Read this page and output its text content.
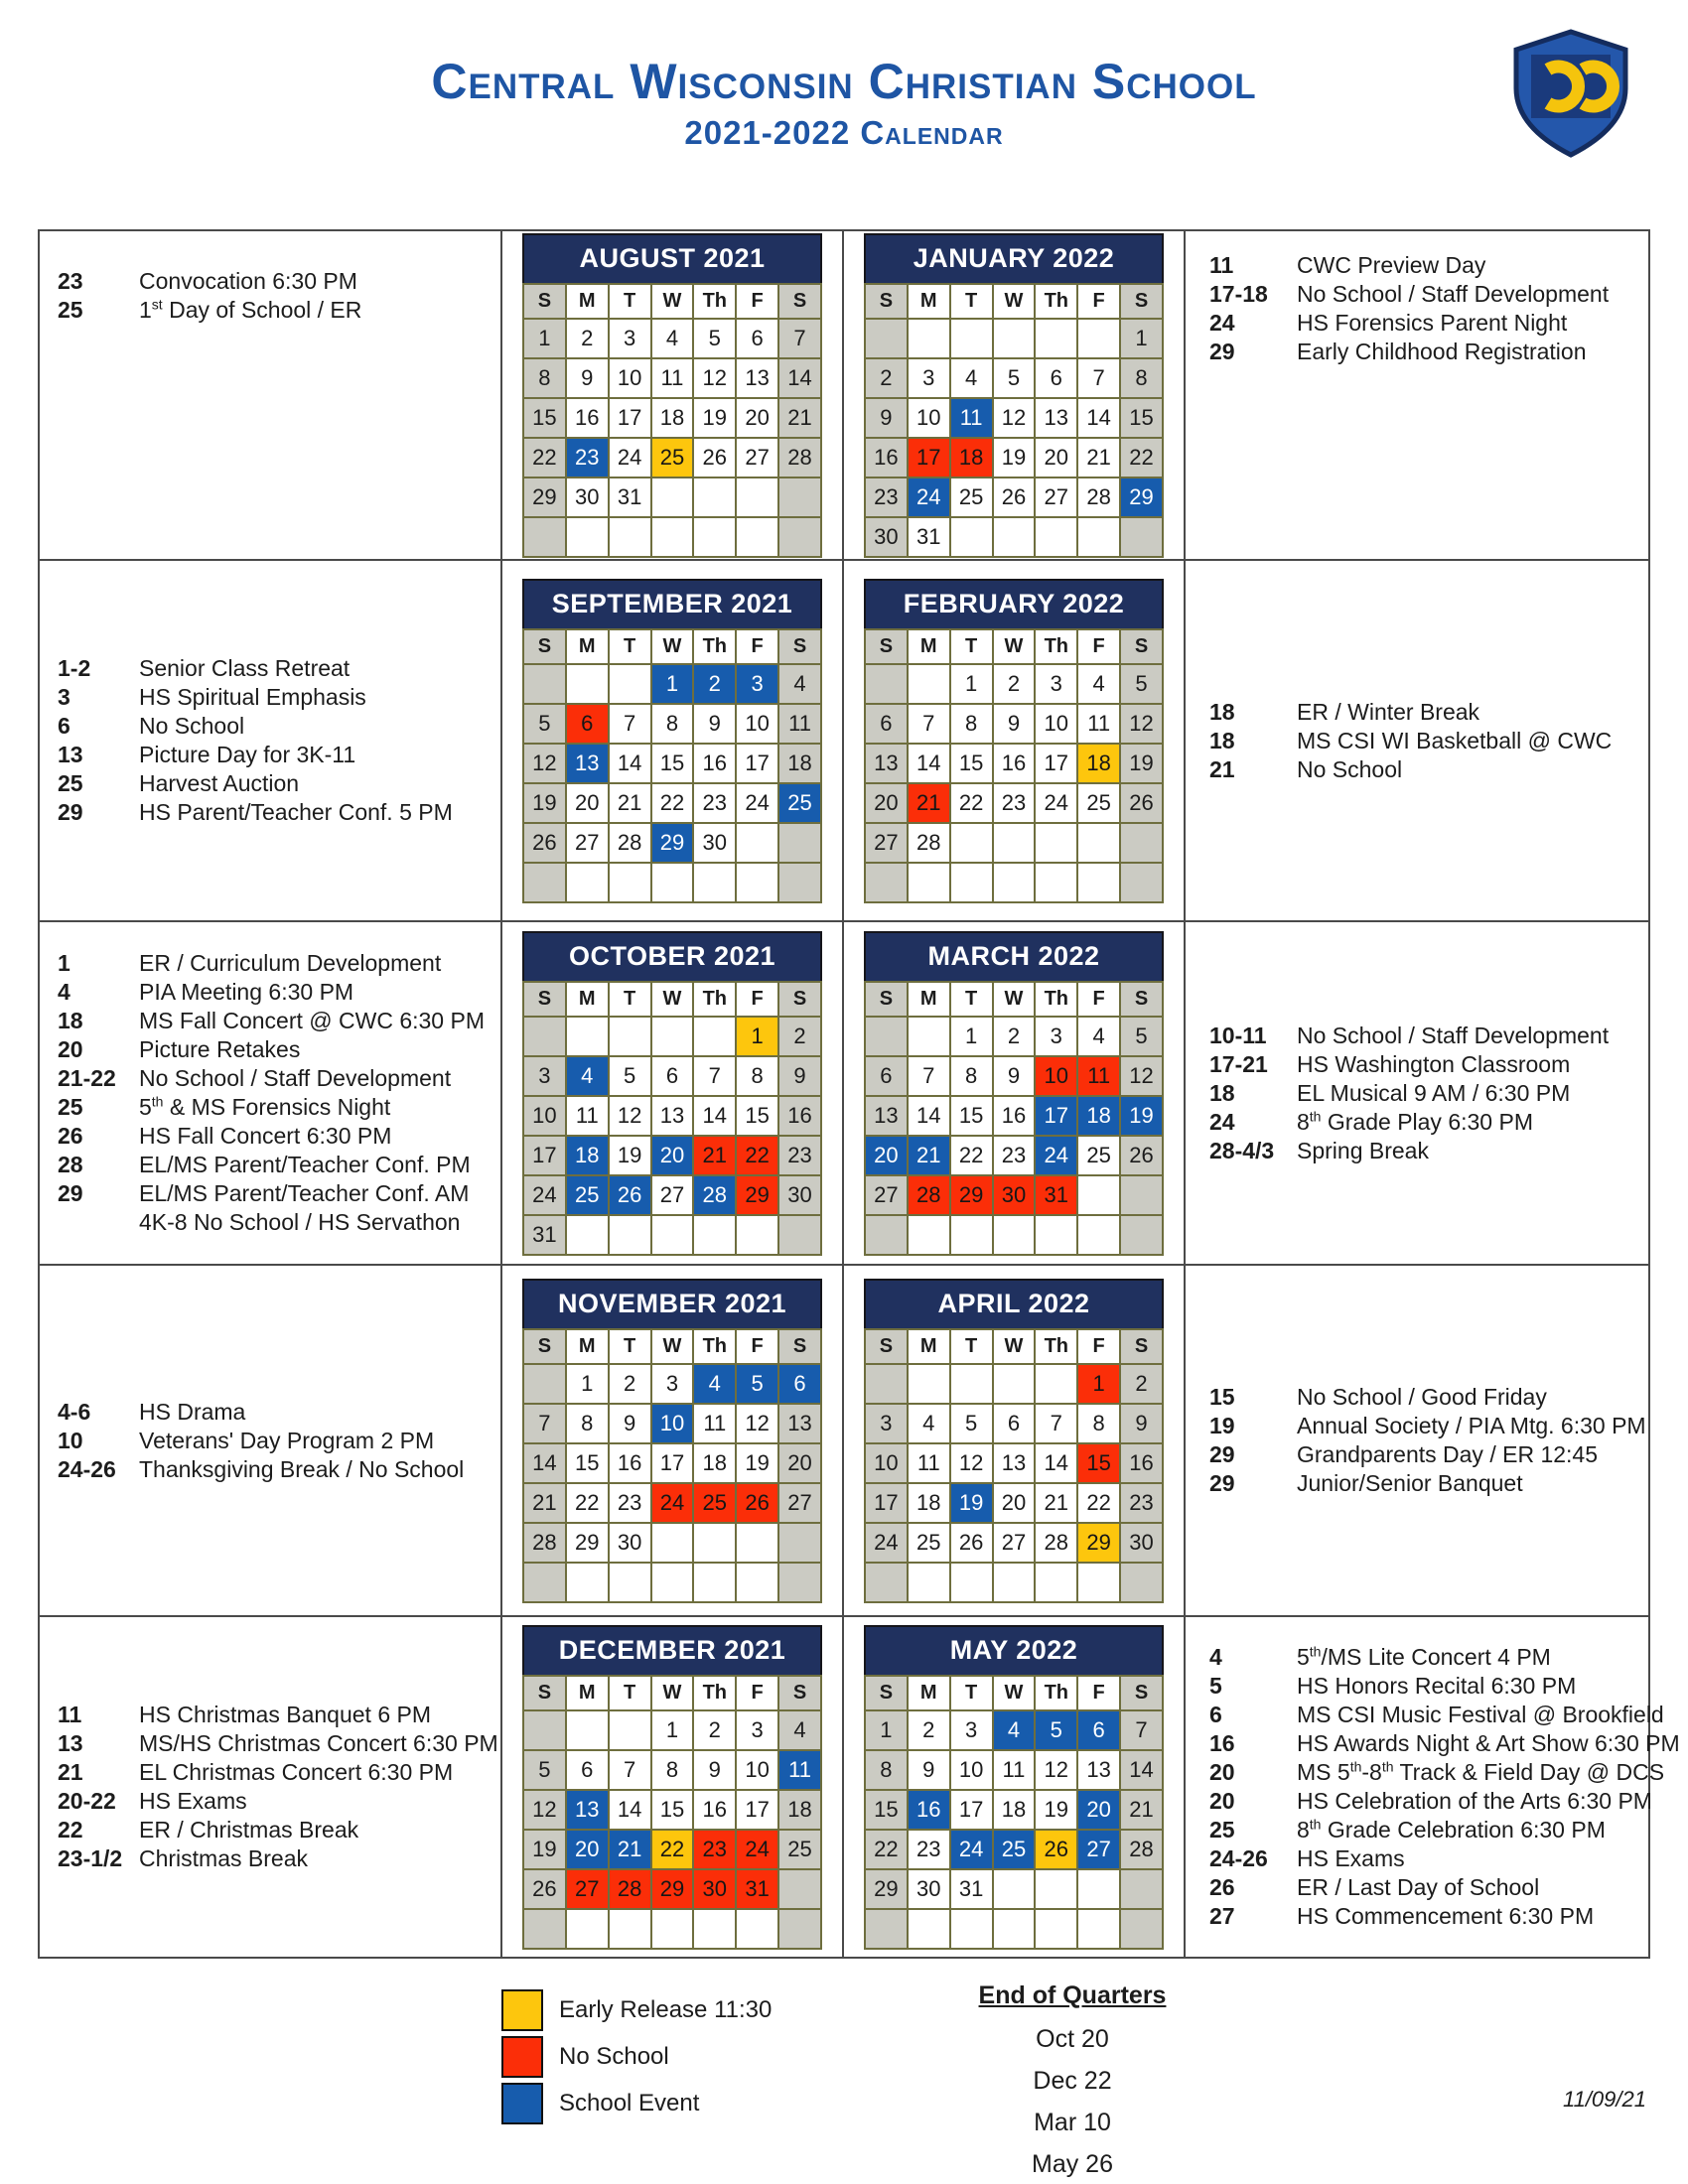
Central Wisconsin Christian School
2021-2022 Calendar
23	Convocation 6:30 PM
25	1st Day of School / ER
AUGUST 2021
S	M	T	W	Th	F	S
1	2	3	4	5	6	7
8	9	10	11	12	13	14
15	16	17	18	19	20	21
22	23	24	25	26	27	28
29	30	31				

JANUARY 2022
S	M	T	W	Th	F	S
						1
2	3	4	5	6	7	8
9	10	11	12	13	14	15
16	17	18	19	20	21	22
23	24	25	26	27	28	29
30	31					
11	CWC Preview Day
17-18	No School / Staff Development
24	HS Forensics Parent Night
29	Early Childhood Registration
1-2	Senior Class Retreat
3	HS Spiritual Emphasis
6	No School
13	Picture Day for 3K-11
25	Harvest Auction
29	HS Parent/Teacher Conf. 5 PM
SEPTEMBER 2021
S	M	T	W	Th	F	S
			1	2	3	4
5	6	7	8	9	10	11
12	13	14	15	16	17	18
19	20	21	22	23	24	25
26	27	28	29	30		

FEBRUARY 2022
S	M	T	W	Th	F	S
		1	2	3	4	5
6	7	8	9	10	11	12
13	14	15	16	17	18	19
20	21	22	23	24	25	26
27	28					

18	ER / Winter Break
18	MS CSI WI Basketball @ CWC
21	No School
1	ER / Curriculum Development
4	PIA Meeting 6:30 PM
18	MS Fall Concert @ CWC 6:30 PM
20	Picture Retakes
21-22	No School / Staff Development
25	5th & MS Forensics Night
26	HS Fall Concert 6:30 PM
28	EL/MS Parent/Teacher Conf. PM
29	EL/MS Parent/Teacher Conf. AM
4K-8 No School / HS Servathon
OCTOBER 2021
S	M	T	W	Th	F	S
					1	2
3	4	5	6	7	8	9
10	11	12	13	14	15	16
17	18	19	20	21	22	23
24	25	26	27	28	29	30
31						
MARCH 2022
S	M	T	W	Th	F	S
		1	2	3	4	5
6	7	8	9	10	11	12
13	14	15	16	17	18	19
20	21	22	23	24	25	26
27	28	29	30	31		

10-11	No School / Staff Development
17-21	HS Washington Classroom
18	EL Musical 9 AM / 6:30 PM
24	8th Grade Play 6:30 PM
28-4/3 Spring Break
4-6	HS Drama
10	Veterans' Day Program 2 PM
24-26	Thanksgiving Break / No School
NOVEMBER 2021
S	M	T	W	Th	F	S
	1	2	3	4	5	6
7	8	9	10	11	12	13
14	15	16	17	18	19	20
21	22	23	24	25	26	27
28	29	30				

APRIL 2022
S	M	T	W	Th	F	S
					1	2
3	4	5	6	7	8	9
10	11	12	13	14	15	16
17	18	19	20	21	22	23
24	25	26	27	28	29	30

15	No School / Good Friday
19	Annual Society / PIA Mtg. 6:30 PM
29	Grandparents Day / ER 12:45
29	Junior/Senior Banquet
11	HS Christmas Banquet 6 PM
13	MS/HS Christmas Concert 6:30 PM
21	EL Christmas Concert 6:30 PM
20-22	HS Exams
22	ER / Christmas Break
23-1/2 Christmas Break
DECEMBER 2021
S	M	T	W	Th	F	S
			1	2	3	4
5	6	7	8	9	10	11
12	13	14	15	16	17	18
19	20	21	22	23	24	25
26	27	28	29	30	31	

MAY 2022
S	M	T	W	Th	F	S
1	2	3	4	5	6	7
8	9	10	11	12	13	14
15	16	17	18	19	20	21
22	23	24	25	26	27	28
29	30	31				

4	5th/MS Lite Concert 4 PM
5	HS Honors Recital 6:30 PM
6	MS CSI Music Festival @ Brookfield
16	HS Awards Night & Art Show 6:30 PM
20	MS 5th-8th Track & Field Day @ DCS
20	HS Celebration of the Arts 6:30 PM
25	8th Grade Celebration 6:30 PM
24-26	HS Exams
26	ER / Last Day of School
27	HS Commencement 6:30 PM
Early Release 11:30
No School
School Event
End of Quarters
Oct 20
Dec 22
Mar 10
May 26
11/09/21
